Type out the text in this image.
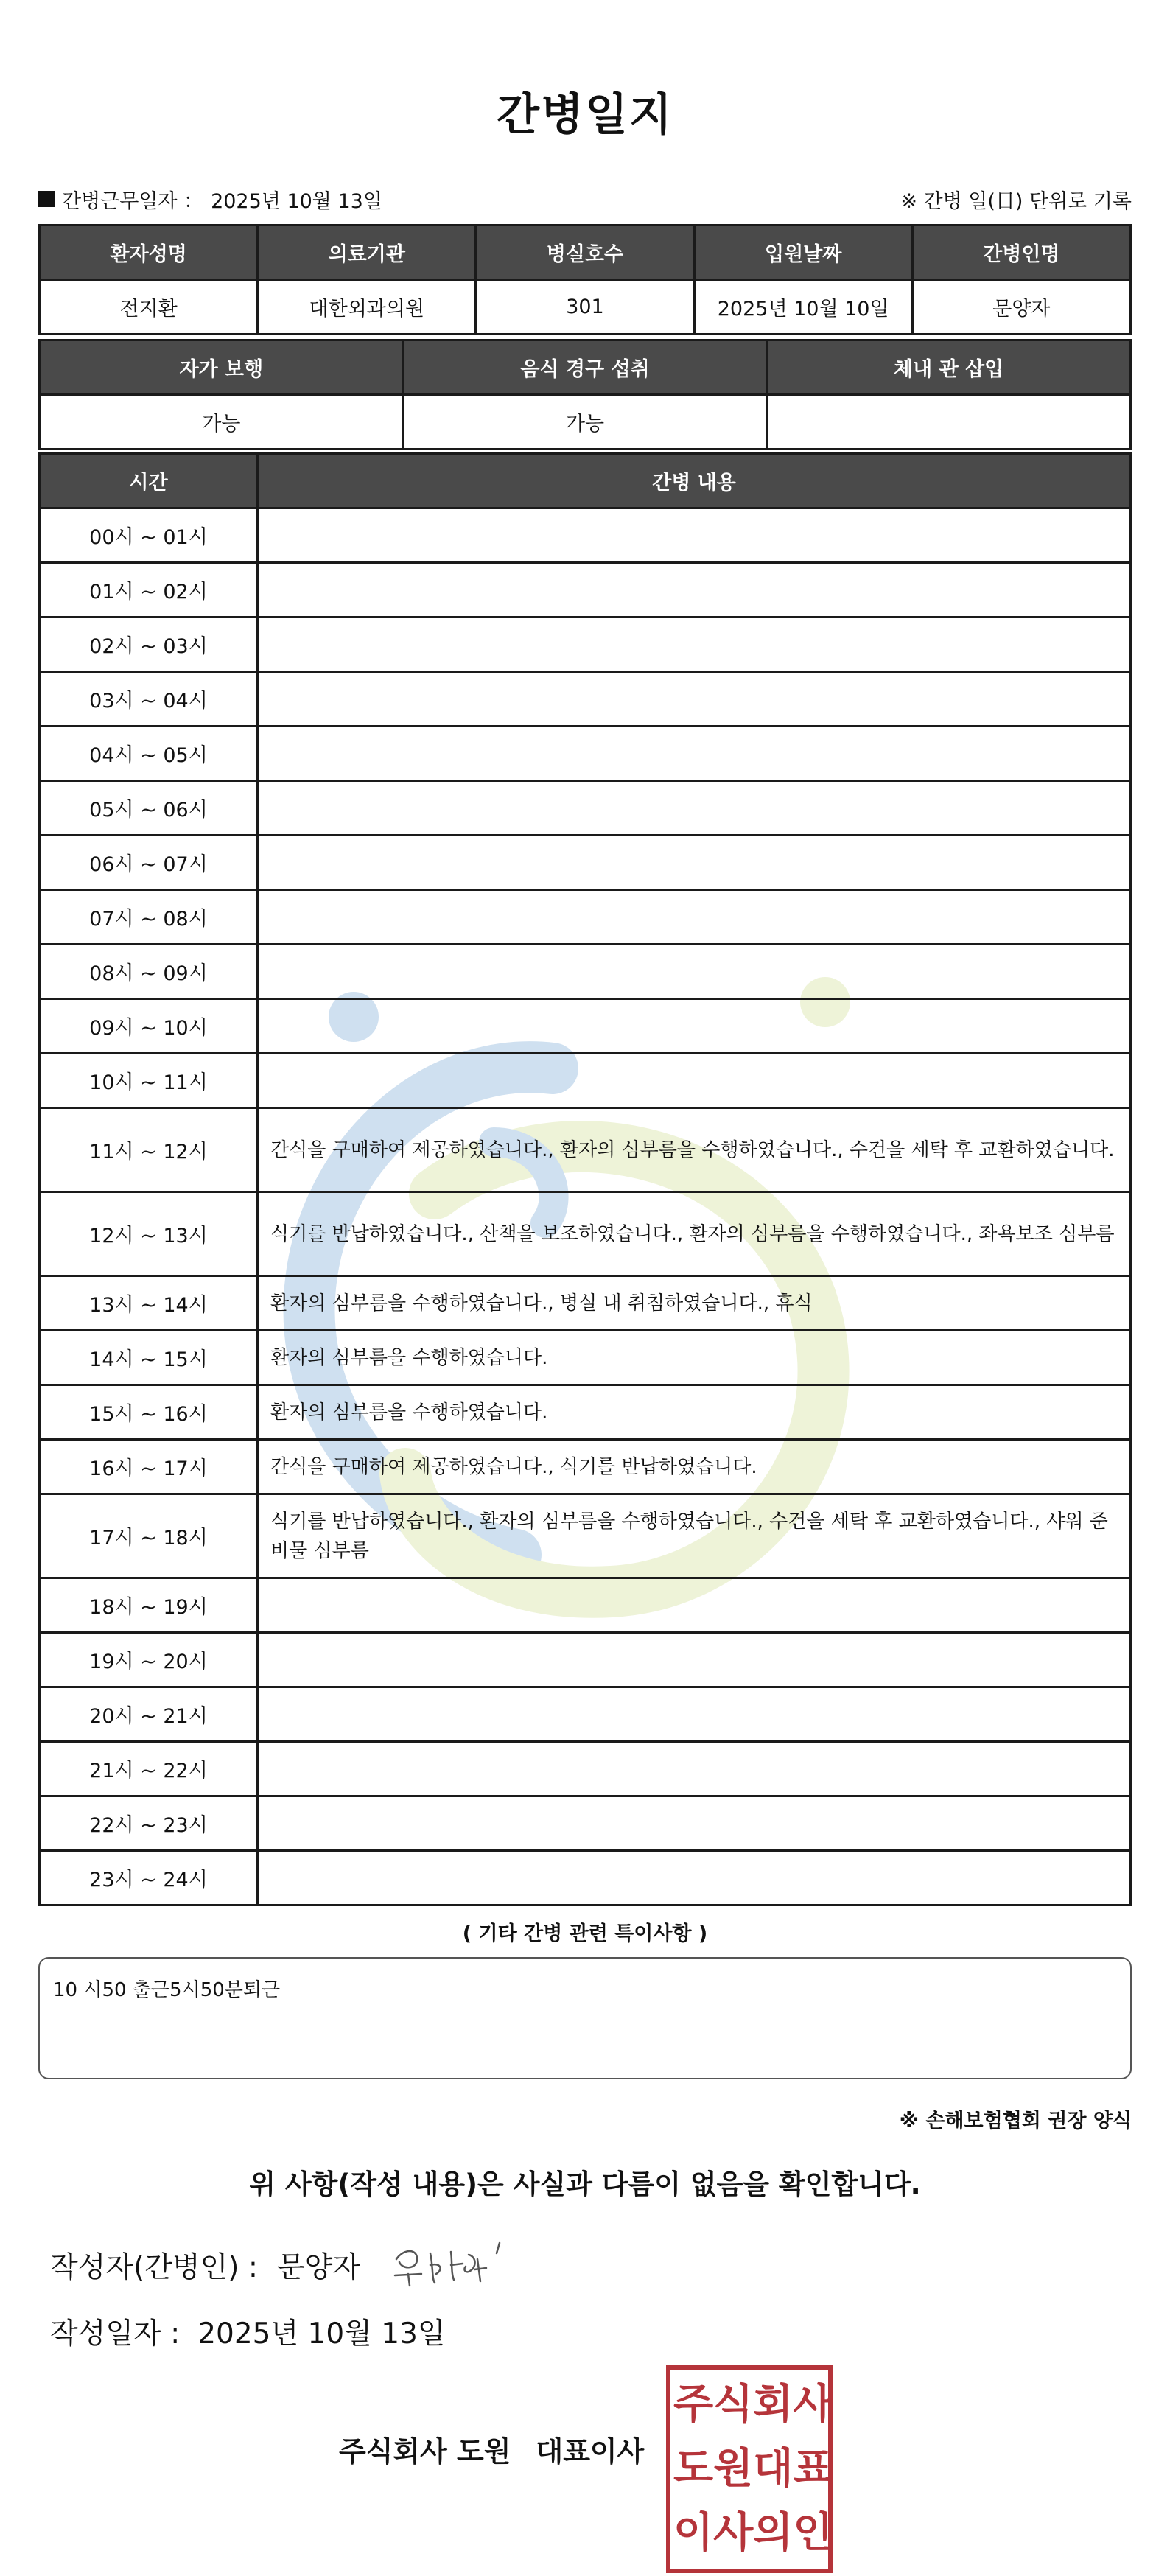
간병일지
간병근무일자 ： 2025년 10월 13일	※ 간병 일(日) 단위로 기록
환자성명	의료기관	병실호수	입원날짜	간병인명
전지환	대한외과의원	301	2025년 10월 10일	문양자
자가 보행	음식 경구 섭취	체내 관 삽입
가능	가능	
시간	간병 내용
00시 ~ 01시	
01시 ~ 02시	
02시 ~ 03시	
03시 ~ 04시	
04시 ~ 05시	
05시 ~ 06시	
06시 ~ 07시	
07시 ~ 08시	
08시 ~ 09시	
09시 ~ 10시	
10시 ~ 11시	
11시 ~ 12시	간식을 구매하여 제공하였습니다., 환자의 심부름을 수행하였습니다., 수건을 세탁 후 교환하였습니다.
12시 ~ 13시	식기를 반납하였습니다., 산책을 보조하였습니다., 환자의 심부름을 수행하였습니다., 좌욕보조 심부름
13시 ~ 14시	환자의 심부름을 수행하였습니다., 병실 내 취침하였습니다., 휴식
14시 ~ 15시	환자의 심부름을 수행하였습니다.
15시 ~ 16시	환자의 심부름을 수행하였습니다.
16시 ~ 17시	간식을 구매하여 제공하였습니다., 식기를 반납하였습니다.
17시 ~ 18시	식기를 반납하였습니다., 환자의 심부름을 수행하였습니다., 수건을 세탁 후 교환하였습니다., 샤워 준비물 심부름
18시 ~ 19시	
19시 ~ 20시	
20시 ~ 21시	
21시 ~ 22시	
22시 ~ 23시	
23시 ~ 24시	
( 기타 간병 관련 특이사항 )
10 시50 출근5시50분퇴근
※ 손해보험협회 권장 양식
위 사항(작성 내용)은 사실과 다름이 없음을 확인합니다.
작성자(간병인) : 문양자
작성일자 : 2025년 10월 13일
주식회사 도원 대표이사
주 식 회 사
도 원 대 표
이 사 의 인
